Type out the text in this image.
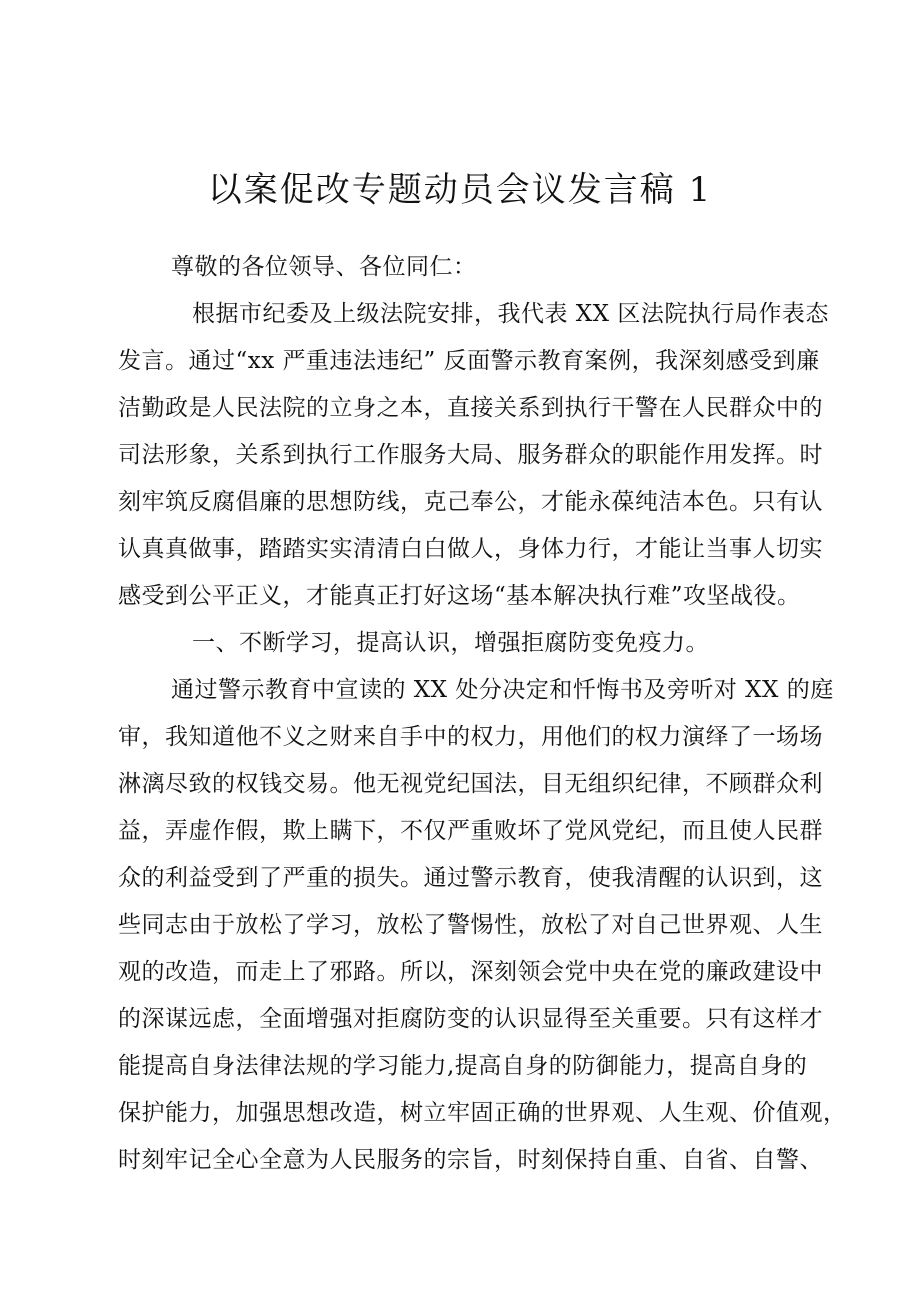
以案促改专题动员会议发言稿 1
尊敬的各位领导、各位同仁：
根据市纪委及上级法院安排，我代表 XX 区法院执行局作表态
发言。通过“xx 严重违法违纪” 反面警示教育案例，我深刻感受到廉
洁勤政是人民法院的立身之本，直接关系到执行干警在人民群众中的
司法形象，关系到执行工作服务大局、服务群众的职能作用发挥。时
刻牢筑反腐倡廉的思想防线，克己奉公，才能永葆纯洁本色。只有认
认真真做事，踏踏实实清清白白做人，身体力行，才能让当事人切实
感受到公平正义，才能真正打好这场“基本解决执行难”攻坚战役。
一、不断学习，提高认识，增强拒腐防变免疫力。
通过警示教育中宣读的 XX 处分决定和忏悔书及旁听对 XX 的庭
审，我知道他不义之财来自手中的权力，用他们的权力演绎了一场场
淋漓尽致的权钱交易。他无视党纪国法，目无组织纪律，不顾群众利
益，弄虚作假，欺上瞒下，不仅严重败坏了党风党纪，而且使人民群
众的利益受到了严重的损失。通过警示教育，使我清醒的认识到，这
些同志由于放松了学习，放松了警惕性，放松了对自己世界观、人生
观的改造，而走上了邪路。所以，深刻领会党中央在党的廉政建设中
的深谋远虑，全面增强对拒腐防变的认识显得至关重要。只有这样才
能提高自身法律法规的学习能力,提高自身的防御能力，提高自身的
保护能力，加强思想改造，树立牢固正确的世界观、人生观、价值观，
时刻牢记全心全意为人民服务的宗旨，时刻保持自重、自省、自警、
